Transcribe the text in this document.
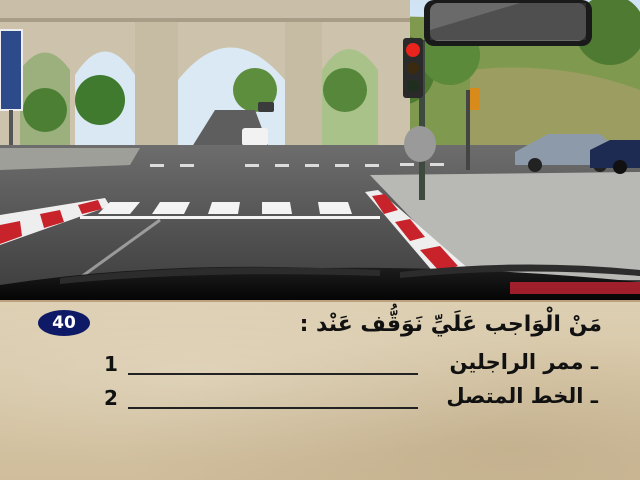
40	مَنْ الْوَاجب عَلَيِّ نَوَقُّف عَنْد :
1	ـ ممر الراجلين
2	ـ الخط المتصل
